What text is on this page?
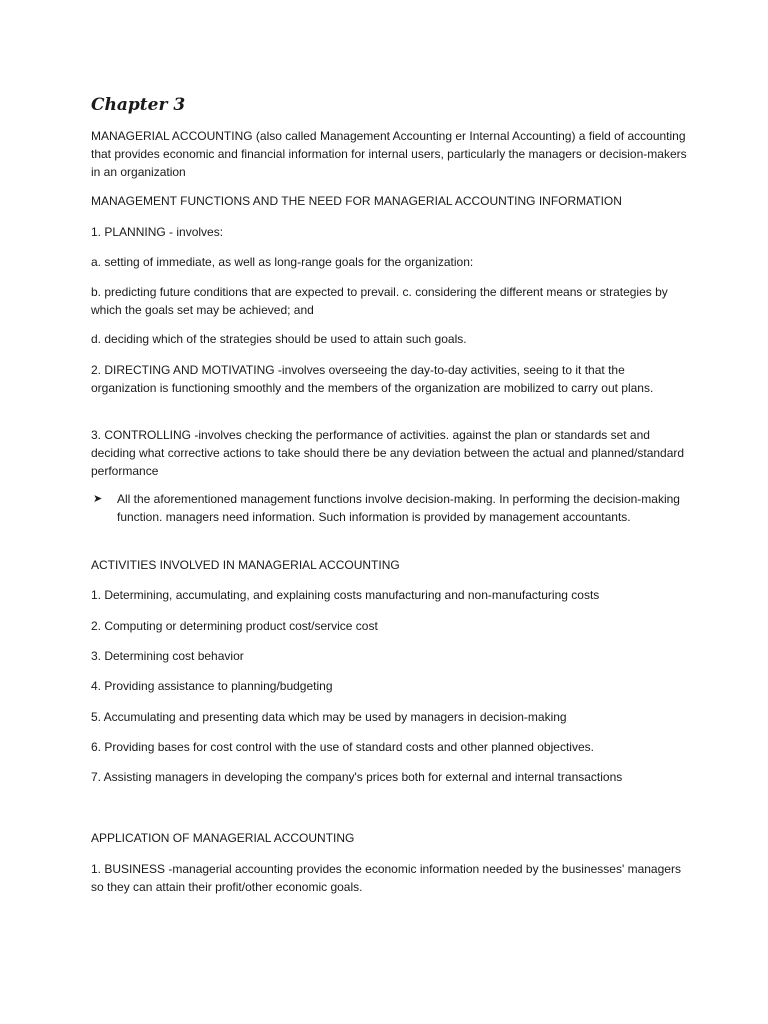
Chapter 3

MANAGERIAL ACCOUNTING (also called Management Accounting er Internal Accounting) a field of accounting that provides economic and financial information for internal users, particularly the managers or decision-makers in an organization

MANAGEMENT FUNCTIONS AND THE NEED FOR MANAGERIAL ACCOUNTING INFORMATION

1. PLANNING - involves:

a. setting of immediate, as well as long-range goals for the organization:

b. predicting future conditions that are expected to prevail. c. considering the different means or strategies by which the goals set may be achieved; and

d. deciding which of the strategies should be used to attain such goals.

2. DIRECTING AND MOTIVATING -involves overseeing the day-to-day activities, seeing to it that the organization is functioning smoothly and the members of the organization are mobilized to carry out plans.

3. CONTROLLING -involves checking the performance of activities. against the plan or standards set and deciding what corrective actions to take should there be any deviation between the actual and planned/standard performance

➤ All the aforementioned management functions involve decision-making. In performing the decision-making function. managers need information. Such information is provided by management accountants.

ACTIVITIES INVOLVED IN MANAGERIAL ACCOUNTING

1. Determining, accumulating, and explaining costs manufacturing and non-manufacturing costs

2. Computing or determining product cost/service cost

3. Determining cost behavior

4. Providing assistance to planning/budgeting

5. Accumulating and presenting data which may be used by managers in decision-making

6. Providing bases for cost control with the use of standard costs and other planned objectives.

7. Assisting managers in developing the company's prices both for external and internal transactions

APPLICATION OF MANAGERIAL ACCOUNTING

1. BUSINESS -managerial accounting provides the economic information needed by the businesses' managers so they can attain their profit/other economic goals.
